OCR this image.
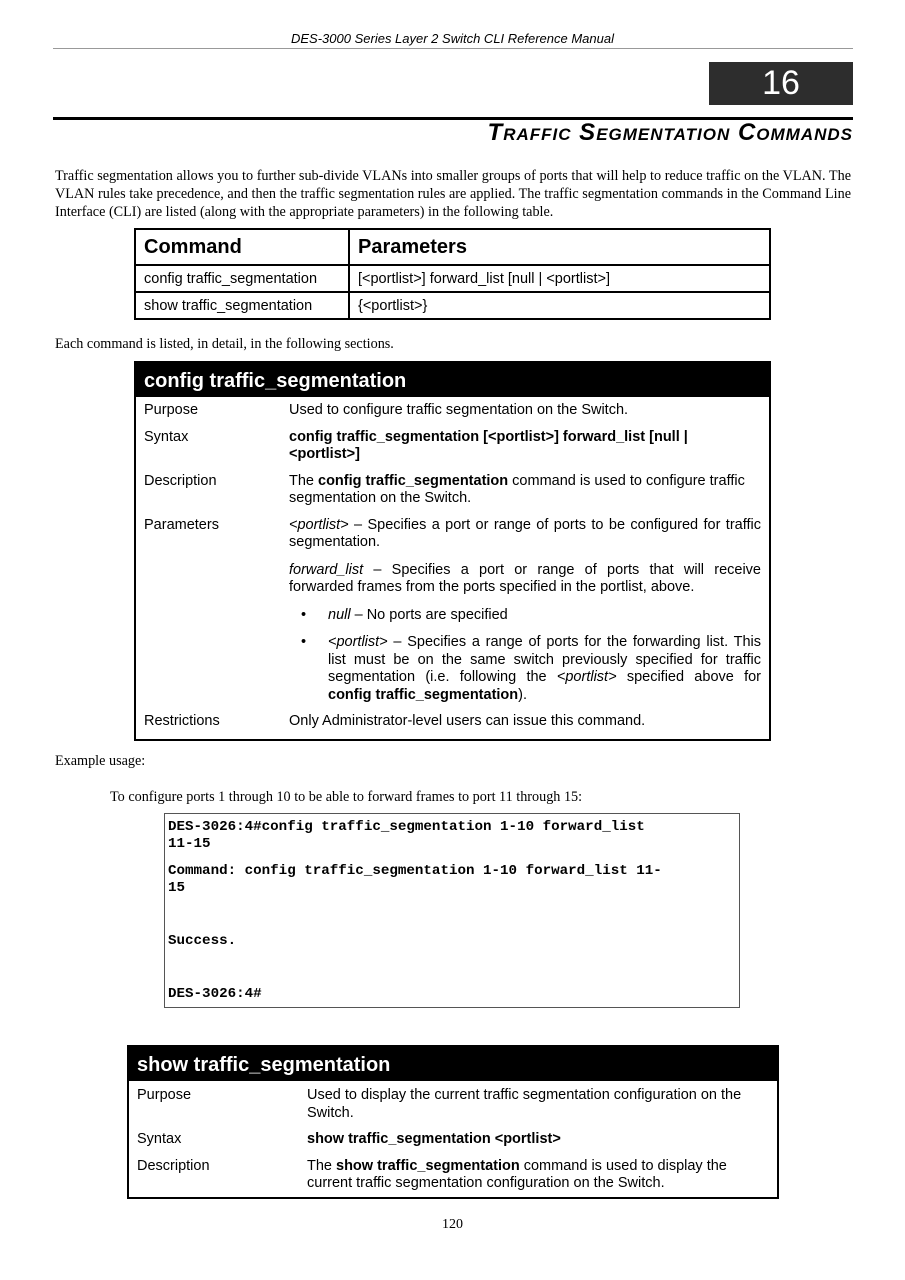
DES-3000 Series Layer 2 Switch CLI Reference Manual
16
Traffic Segmentation Commands
Traffic segmentation allows you to further sub-divide VLANs into smaller groups of ports that will help to reduce traffic on the VLAN. The VLAN rules take precedence, and then the traffic segmentation rules are applied. The traffic segmentation commands in the Command Line Interface (CLI) are listed (along with the appropriate parameters) in the following table.
Command	Parameters
config traffic_segmentation	[<portlist>] forward_list [null | <portlist>]
show traffic_segmentation	{<portlist>}
Each command is listed, in detail, in the following sections.
config traffic_segmentation
Purpose	Used to configure traffic segmentation on the Switch.
Syntax	config traffic_segmentation [<portlist>] forward_list [null | <portlist>]
Description	The config traffic_segmentation command is used to configure traffic segmentation on the Switch.
Parameters	<portlist> – Specifies a port or range of ports to be configured for traffic segmentation.
forward_list – Specifies a port or range of ports that will receive forwarded frames from the ports specified in the portlist, above.
• null – No ports are specified
• <portlist> – Specifies a range of ports for the forwarding list. This list must be on the same switch previously specified for traffic segmentation (i.e. following the <portlist> specified above for config traffic_segmentation).
Restrictions	Only Administrator-level users can issue this command.
Example usage:
To configure ports 1 through 10 to be able to forward frames to port 11 through 15:
DES-3026:4#config traffic_segmentation 1-10 forward_list
11-15
Command: config traffic_segmentation 1-10 forward_list 11-
15
Success.
DES-3026:4#
show traffic_segmentation
Purpose	Used to display the current traffic segmentation configuration on the Switch.
Syntax	show traffic_segmentation <portlist>
Description	The show traffic_segmentation command is used to display the current traffic segmentation configuration on the Switch.
120
